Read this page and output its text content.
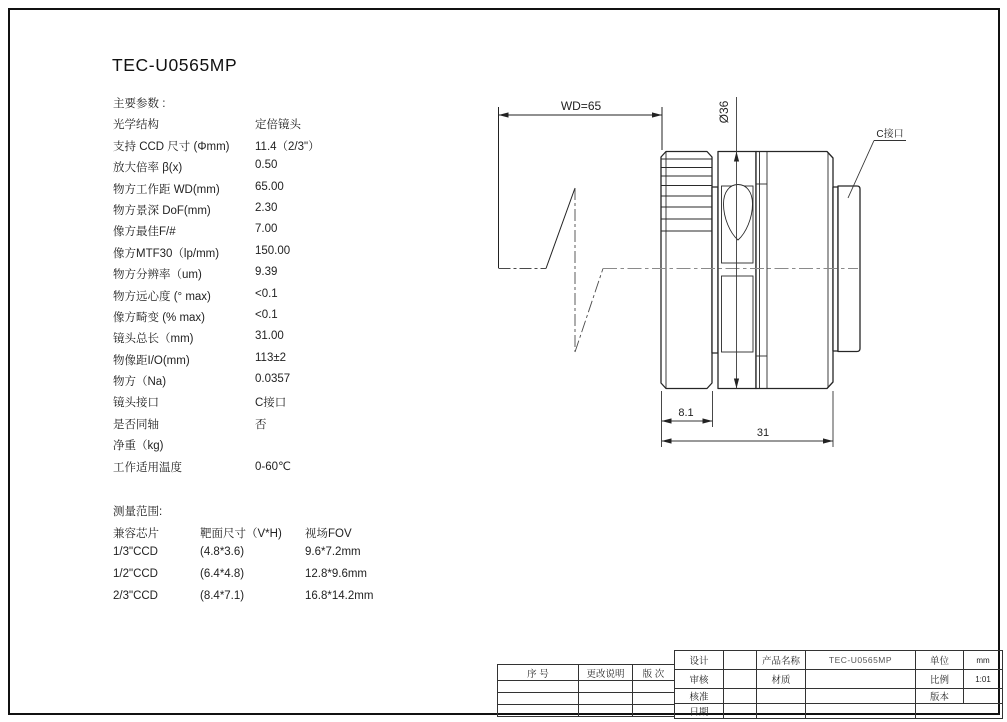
TEC-U0565MP
主要参数 :
光学结构	定倍镜头
支持 CCD 尺寸 (Φmm) 11.4（2/3"）
放大倍率 β(x)	0.50
物方工作距 WD(mm)	65.00
物方景深 DoF(mm)	2.30
像方最佳F/#	7.00
像方MTF30（lp/mm)	150.00
物方分辨率（um)	9.39
物方远心度 (° max)	<0.1
像方畸变 (% max)	<0.1
镜头总长（mm)	31.00
物像距I/O(mm)	113±2
物方（Na)	0.0357
镜头接口	C接口
是否同轴	否
净重（kg)
工作适用温度	0-60℃
测量范围:
兼容芯片	靶面尺寸（V*H) 视场FOV
1/3"CCD	(4.8*3.6)	9.6*7.2mm
1/2"CCD	(6.4*4.8)	12.8*9.6mm
2/3"CCD	(8.4*7.1)	16.8*14.2mm
WD=65	Ø36
C接口
8.1
31
序 号	更改说明	版 次

设计		产品名称	TEC-U0565MP	单位	mm
审核		材质		比例	1:01
核准				版本	
日期					
